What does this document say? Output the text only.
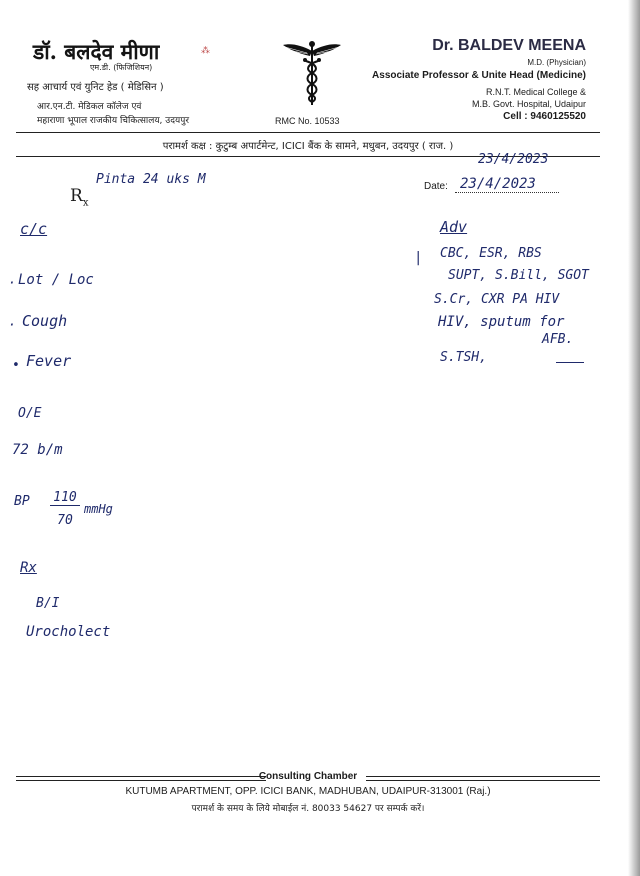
डॉ. बलदेव मीणा	⁂
एम.डी. (फिजिशियन)
सह आचार्य एवं युनिट हेड ( मेडिसिन )
आर.एन.टी. मेडिकल कॉलेज एवं
महाराणा भूपाल राजकीय चिकित्सालय, उदयपुर	RMC No. 10533
Dr. BALDEV MEENA
M.D. (Physician)
Associate Professor & Unite Head (Medicine)
R.N.T. Medical College &
M.B. Govt. Hospital, Udaipur
Cell : 9460125520
परामर्श कक्ष : कुटुम्ब अपार्टमेन्ट, ICICI बैंक के सामने, मधुबन, उदयपुर ( राज. )
Date:
$R_x$
23/4/2023
23/4/2023
Pinta 24 uks M
c/c
· Lot / Loc
· Cough
• Fever
O/E
72 b/m
BP 110
70
mmHg
Rx
B/I
Urocholect
Adv
| CBC, ESR, RBS
SUPT, S.Bill, SGOT
S.Cr, CXR PA HIV
HIV, sputum for
AFB.
S.TSH,
Consulting Chamber
KUTUMB APARTMENT, OPP. ICICI BANK, MADHUBAN, UDAIPUR-313001 (Raj.)
परामर्श के समय के लिये मोबाईल नं. 80033 54627 पर सम्पर्क करें।
